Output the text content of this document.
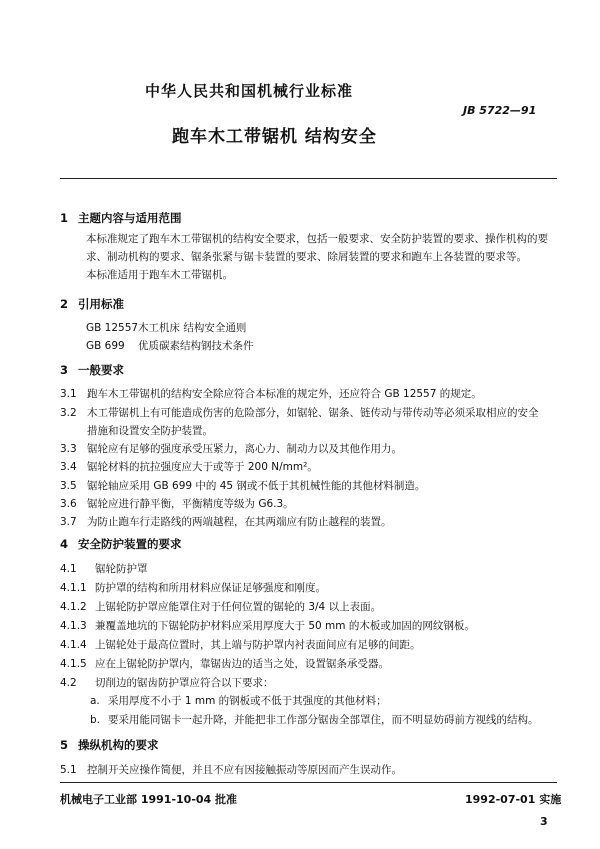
中华人民共和国机械行业标准
JB 5722—91
跑车木工带锯机 结构安全
1 主题内容与适用范围
本标准规定了跑车木工带锯机的结构安全要求，包括一般要求、安全防护装置的要求、操作机构的要求、制动机构的要求、锯条张紧与锯卡装置的要求、除屑装置的要求和跑车上各装置的要求等。
本标准适用于跑车木工带锯机。
2 引用标准
GB 12557木工机床 结构安全通则
GB 699 优质碳素结构钢技术条件
3 一般要求
3.1 跑车木工带锯机的结构安全除应符合本标准的规定外，还应符合 GB 12557 的规定。
3.2 木工带锯机上有可能造成伤害的危险部分，如锯轮、锯条、链传动与带传动等必须采取相应的安全
措施和设置安全防护装置。
3.3 锯轮应有足够的强度承受压紧力，离心力、制动力以及其他作用力。
3.4 锯轮材料的抗拉强度应大于或等于 200 N/mm²。
3.5 锯轮轴应采用 GB 699 中的 45 钢或不低于其机械性能的其他材料制造。
3.6 锯轮应进行静平衡，平衡精度等级为 G6.3。
3.7 为防止跑车行走路线的两端越程，在其两端应有防止越程的装置。
4 安全防护装置的要求
4.1 锯轮防护罩
4.1.1 防护罩的结构和所用材料应保证足够强度和刚度。
4.1.2 上锯轮防护罩应能罩住对于任何位置的锯轮的 3/4 以上表面。
4.1.3 兼覆盖地坑的下锯轮防护材料应采用厚度大于 50 mm 的木板或加固的网纹钢板。
4.1.4 上锯轮处于最高位置时，其上端与防护罩内衬表面间应有足够的间距。
4.1.5 应在上锯轮防护罩内，靠锯齿边的适当之处，设置锯条承受器。
4.2 切削边的锯齿防护罩应符合以下要求：
a. 采用厚度不小于 1 mm 的钢板或不低于其强度的其他材料；
b. 要采用能同锯卡一起升降，并能把非工作部分锯齿全部罩住，而不明显妨碍前方视线的结构。
5 操纵机构的要求
5.1 控制开关应操作简便，并且不应有因接触振动等原因而产生误动作。
机械电子工业部 1991-10-04 批准	1992-07-01 实施
3
